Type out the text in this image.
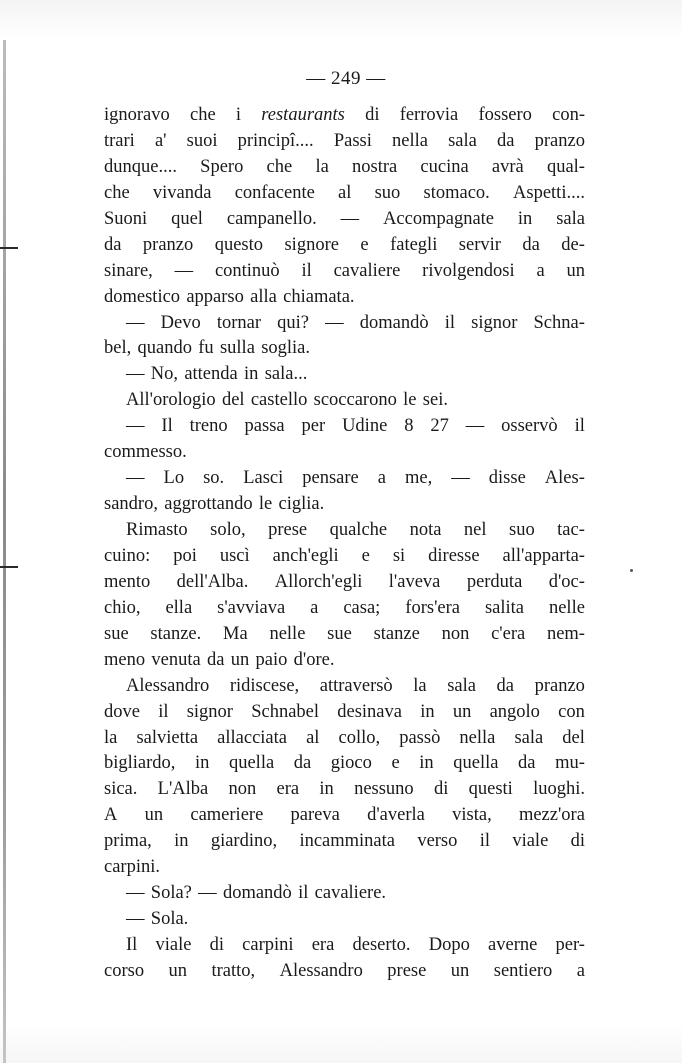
— 249 —

ignoravo che i restaurants di ferrovia fossero con-
trari a' suoi principî.... Passi nella sala da pranzo
dunque.... Spero che la nostra cucina avrà qual-
che vivanda confacente al suo stomaco. Aspetti....
Suoni quel campanello. — Accompagnate in sala
da pranzo questo signore e fategli servir da de-
sinare, — continuò il cavaliere rivolgendosi a un
domestico apparso alla chiamata.
— Devo tornar qui? — domandò il signor Schna-
bel, quando fu sulla soglia.
— No, attenda in sala...
All'orologio del castello scoccarono le sei.
— Il treno passa per Udine 8 27 — osservò il
commesso.
— Lo so. Lasci pensare a me, — disse Ales-
sandro, aggrottando le ciglia.
Rimasto solo, prese qualche nota nel suo tac-
cuino: poi uscì anch'egli e si diresse all'apparta-
mento dell'Alba. Allorch'egli l'aveva perduta d'oc-
chio, ella s'avviava a casa; fors'era salita nelle
sue stanze. Ma nelle sue stanze non c'era nem-
meno venuta da un paio d'ore.
Alessandro ridiscese, attraversò la sala da pranzo
dove il signor Schnabel desinava in un angolo con
la salvietta allacciata al collo, passò nella sala del
bigliardo, in quella da gioco e in quella da mu-
sica. L'Alba non era in nessuno di questi luoghi.
A un cameriere pareva d'averla vista, mezz'ora
prima, in giardino, incamminata verso il viale di
carpini.
— Sola? — domandò il cavaliere.
— Sola.
Il viale di carpini era deserto. Dopo averne per-
corso un tratto, Alessandro prese un sentiero a
